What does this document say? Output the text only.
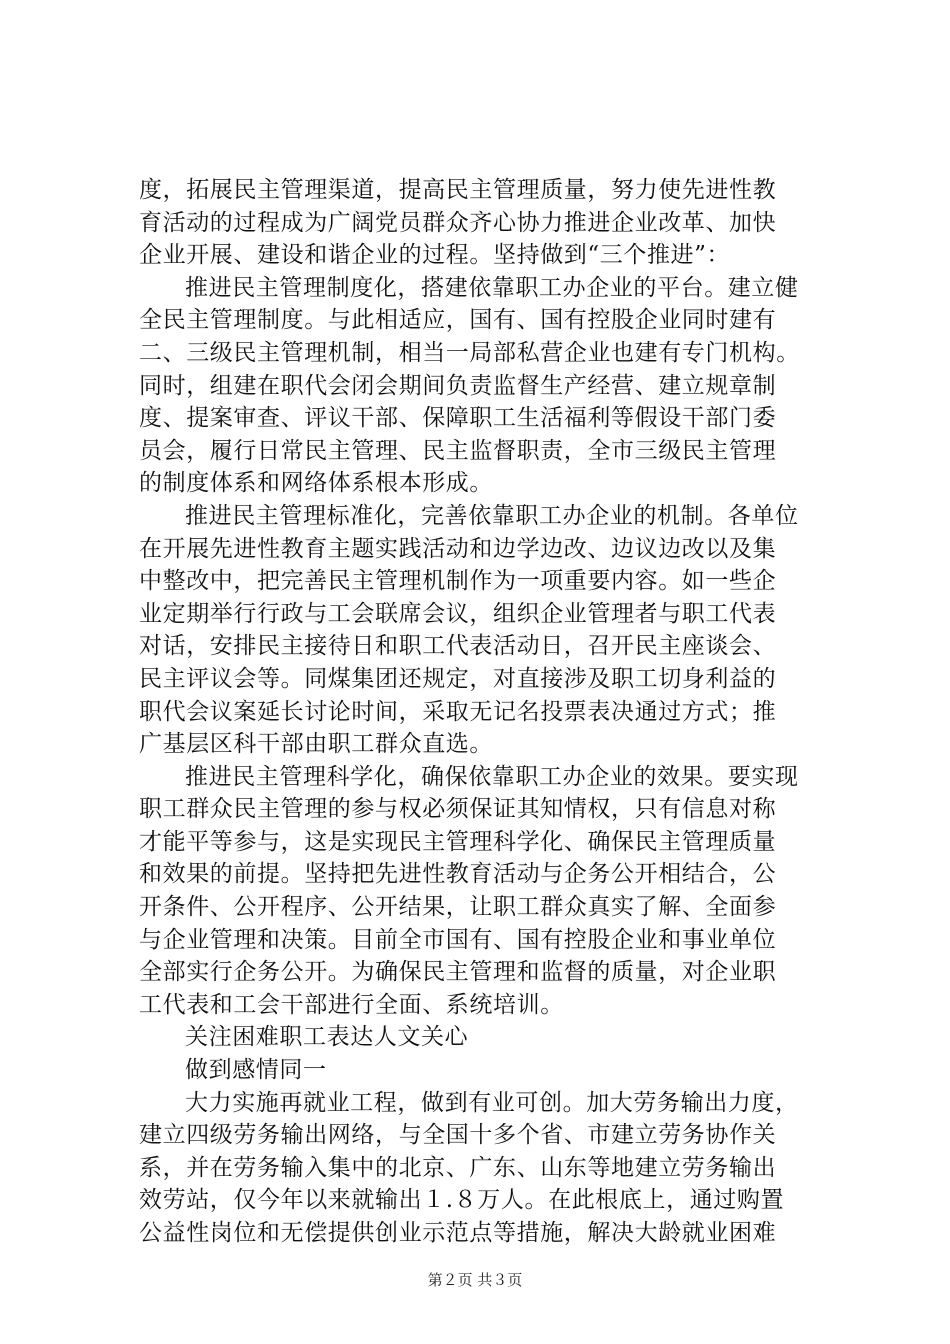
度，拓展民主管理渠道，提高民主管理质量，努力使先进性教
育活动的过程成为广阔党员群众齐心协力推进企业改革、加快
企业开展、建设和谐企业的过程。坚持做到“三个推进”：
推进民主管理制度化，搭建依靠职工办企业的平台。建立健
全民主管理制度。与此相适应，国有、国有控股企业同时建有
二、三级民主管理机制，相当一局部私营企业也建有专门机构。
同时，组建在职代会闭会期间负责监督生产经营、建立规章制
度、提案审查、评议干部、保障职工生活福利等假设干部门委
员会，履行日常民主管理、民主监督职责，全市三级民主管理
的制度体系和网络体系根本形成。
推进民主管理标准化，完善依靠职工办企业的机制。各单位
在开展先进性教育主题实践活动和边学边改、边议边改以及集
中整改中，把完善民主管理机制作为一项重要内容。如一些企
业定期举行行政与工会联席会议，组织企业管理者与职工代表
对话，安排民主接待日和职工代表活动日，召开民主座谈会、
民主评议会等。同煤集团还规定，对直接涉及职工切身利益的
职代会议案延长讨论时间，采取无记名投票表决通过方式；推
广基层区科干部由职工群众直选。
推进民主管理科学化，确保依靠职工办企业的效果。要实现
职工群众民主管理的参与权必须保证其知情权，只有信息对称
才能平等参与，这是实现民主管理科学化、确保民主管理质量
和效果的前提。坚持把先进性教育活动与企务公开相结合，公
开条件、公开程序、公开结果，让职工群众真实了解、全面参
与企业管理和决策。目前全市国有、国有控股企业和事业单位
全部实行企务公开。为确保民主管理和监督的质量，对企业职
工代表和工会干部进行全面、系统培训。
关注困难职工表达人文关心
做到感情同一
大力实施再就业工程，做到有业可创。加大劳务输出力度，
建立四级劳务输出网络，与全国十多个省、市建立劳务协作关
系，并在劳务输入集中的北京、广东、山东等地建立劳务输出
效劳站，仅今年以来就输出１.８万人。在此根底上，通过购置
公益性岗位和无偿提供创业示范点等措施，解决大龄就业困难
第２页 共３页
